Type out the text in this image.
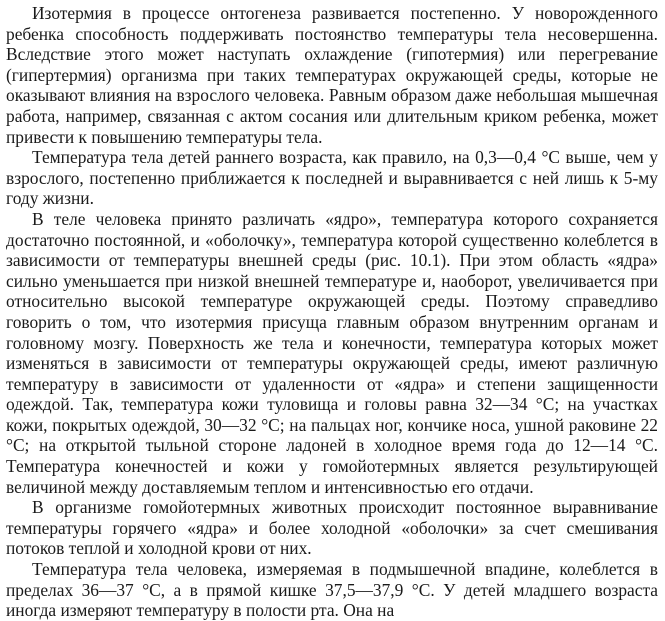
Изотермия в процессе онтогенеза развивается постепенно. У новорожденного ребенка способность поддерживать постоянство температуры тела несовершенна. Вследствие этого может наступать охлаждение (гипотермия) или перегревание (гипертермия) организма при таких температурах окружающей среды, которые не оказывают влияния на взрослого человека. Равным образом даже небольшая мышечная работа, например, связанная с актом сосания или длительным криком ребенка, может привести к повышению температуры тела.

Температура тела детей раннего возраста, как правило, на 0,3—0,4 °С выше, чем у взрослого, постепенно приближается к последней и выравнивается с ней лишь к 5-му году жизни.

В теле человека принято различать «ядро», температура которого сохраняется достаточно постоянной, и «оболочку», температура которой существенно колеблется в зависимости от температуры внешней среды (рис. 10.1). При этом область «ядра» сильно уменьшается при низкой внешней температуре и, наоборот, увеличивается при относительно высокой температуре окружающей среды. Поэтому справедливо говорить о том, что изотермия присуща главным образом внутренним органам и головному мозгу. Поверхность же тела и конечности, температура которых может изменяться в зависимости от температуры окружающей среды, имеют различную температуру в зависимости от удаленности от «ядра» и степени защищенности одеждой. Так, температура кожи туловища и головы равна 32—34 °С; на участках кожи, покрытых одеждой, 30—32 °С; на пальцах ног, кончике носа, ушной раковине 22 °С; на открытой тыльной стороне ладоней в холодное время года до 12—14 °С. Температура конечностей и кожи у гомойотермных является результирующей величиной между доставляемым теплом и интенсивностью его отдачи.

В организме гомойотермных животных происходит постоянное выравнивание температуры горячего «ядра» и более холодной «оболочки» за счет смешивания потоков теплой и холодной крови от них.

Температура тела человека, измеряемая в подмышечной впадине, колеблется в пределах 36—37 °С, а в прямой кишке 37,5—37,9 °С. У детей младшего возраста иногда измеряют температуру в полости рта. Она на
